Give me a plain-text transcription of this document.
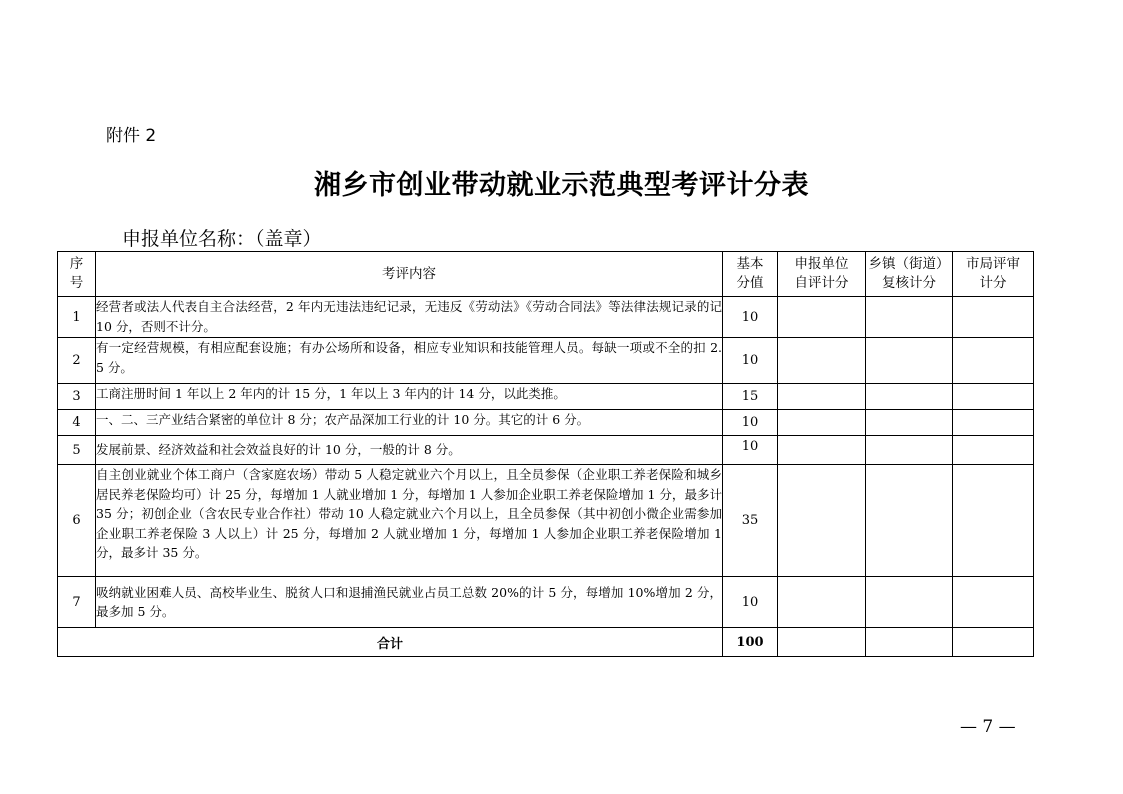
附件 2
湘乡市创业带动就业示范典型考评计分表
申报单位名称：（盖章）
序号	考评内容	基本分值	申报单位自评计分	乡镇（街道）复核计分	市局评审计分
1	经营者或法人代表自主合法经营，2 年内无违法违纪记录，无违反《劳动法》《劳动合同法》等法律法规记录的记 10 分，否则不计分。	10			
2	有一定经营规模，有相应配套设施；有办公场所和设备，相应专业知识和技能管理人员。每缺一项或不全的扣 2. 5 分。	10			
3	工商注册时间 1 年以上 2 年内的计 15 分，1 年以上 3 年内的计 14 分，以此类推。	15			
4	一、二、三产业结合紧密的单位计 8 分；农产品深加工行业的计 10 分。其它的计 6 分。	10			
5	发展前景、经济效益和社会效益良好的计 10 分，一般的计 8 分。	10			
6	自主创业就业个体工商户（含家庭农场）带动 5 人稳定就业六个月以上，且全员参保（企业职工养老保险和城乡居民养老保险均可）计 25 分，每增加 1 人就业增加 1 分，每增加 1 人参加企业职工养老保险增加 1 分，最多计 35 分；初创企业（含农民专业合作社）带动 10 人稳定就业六个月以上，且全员参保（其中初创小微企业需参加企业职工养老保险 3 人以上）计 25 分，每增加 2 人就业增加 1 分，每增加 1 人参加企业职工养老保险增加 1 分，最多计 35 分。	35			
7	吸纳就业困难人员、高校毕业生、脱贫人口和退捕渔民就业占员工总数 20%的计 5 分，每增加 10%增加 2 分，最多加 5 分。	10			
合计		100			
— 7 —
